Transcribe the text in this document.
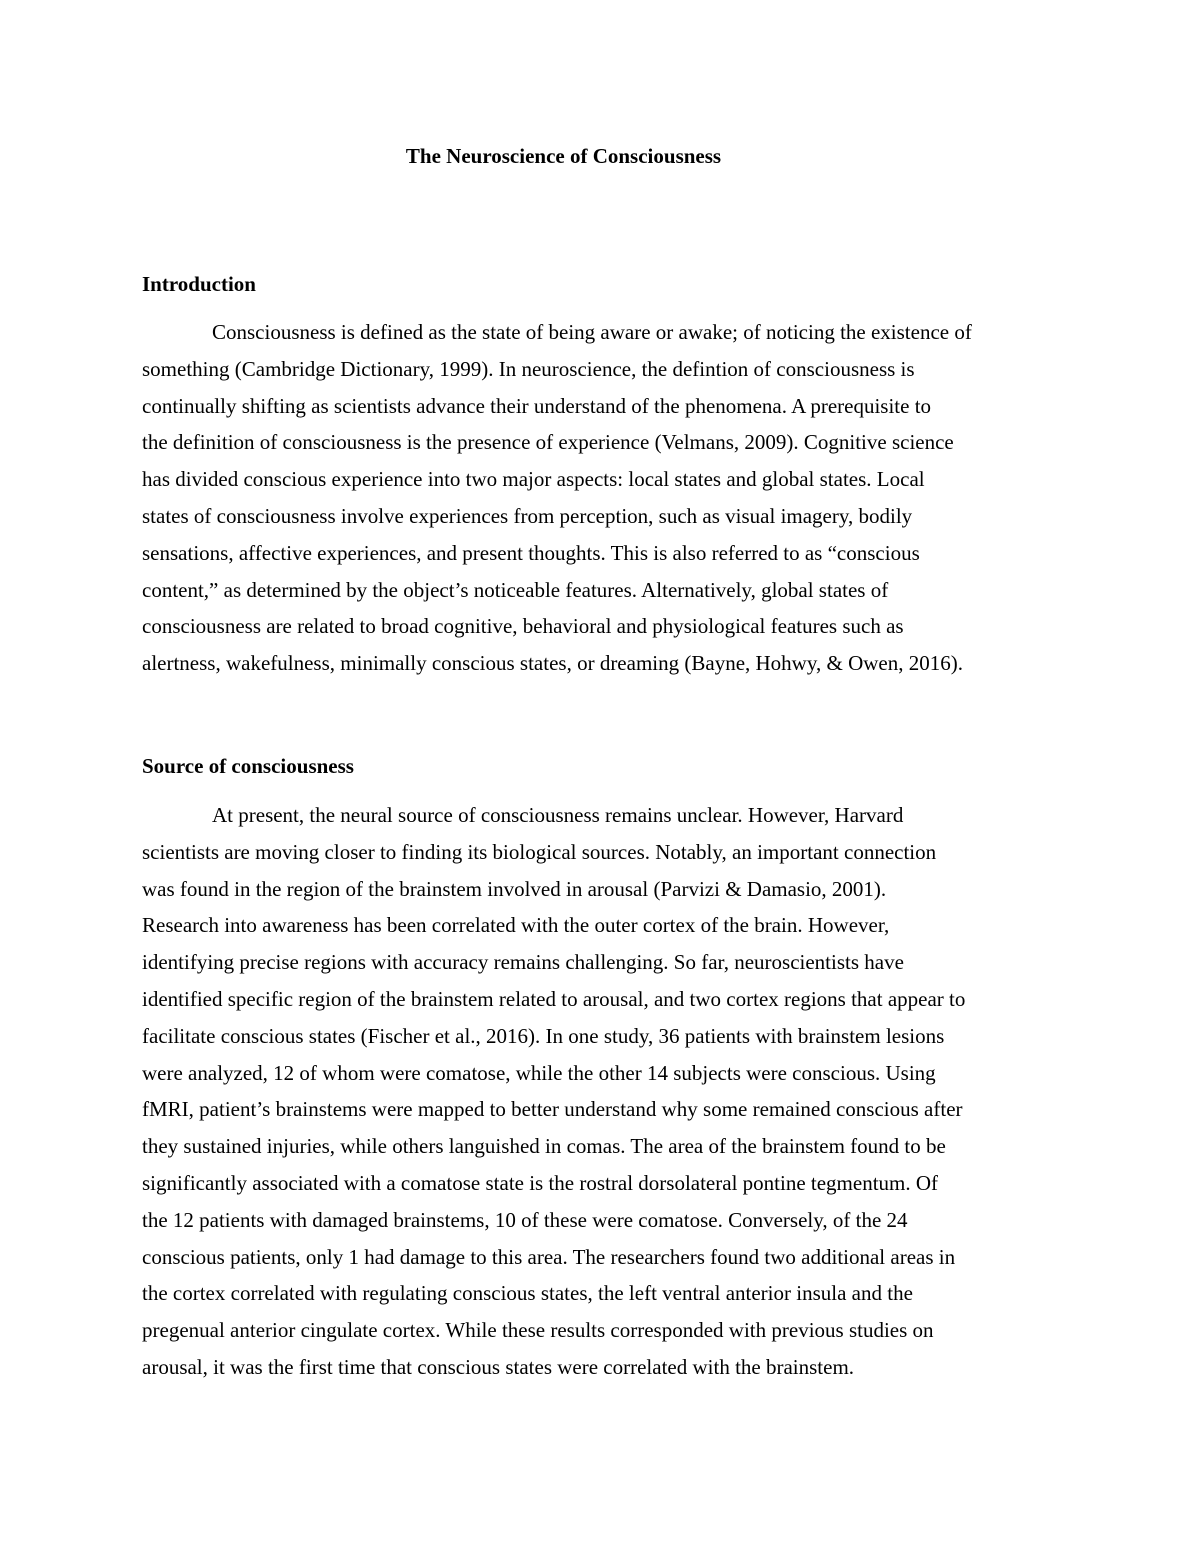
The Neuroscience of Consciousness
Introduction

Consciousness is defined as the state of being aware or awake; of noticing the existence of
something (Cambridge Dictionary, 1999). In neuroscience, the defintion of consciousness is
continually shifting as scientists advance their understand of the phenomena. A prerequisite to
the definition of consciousness is the presence of experience (Velmans, 2009). Cognitive science
has divided conscious experience into two major aspects: local states and global states. Local
states of consciousness involve experiences from perception, such as visual imagery, bodily
sensations, affective experiences, and present thoughts. This is also referred to as “conscious
content,” as determined by the object’s noticeable features. Alternatively, global states of
consciousness are related to broad cognitive, behavioral and physiological features such as
alertness, wakefulness, minimally conscious states, or dreaming (Bayne, Hohwy, & Owen, 2016).

Source of consciousness

At present, the neural source of consciousness remains unclear. However, Harvard
scientists are moving closer to finding its biological sources. Notably, an important connection
was found in the region of the brainstem involved in arousal (Parvizi & Damasio, 2001).
Research into awareness has been correlated with the outer cortex of the brain. However,
identifying precise regions with accuracy remains challenging. So far, neuroscientists have
identified specific region of the brainstem related to arousal, and two cortex regions that appear to
facilitate conscious states (Fischer et al., 2016). In one study, 36 patients with brainstem lesions
were analyzed, 12 of whom were comatose, while the other 14 subjects were conscious. Using
fMRI, patient’s brainstems were mapped to better understand why some remained conscious after
they sustained injuries, while others languished in comas. The area of the brainstem found to be
significantly associated with a comatose state is the rostral dorsolateral pontine tegmentum. Of
the 12 patients with damaged brainstems, 10 of these were comatose. Conversely, of the 24
conscious patients, only 1 had damage to this area. The researchers found two additional areas in
the cortex correlated with regulating conscious states, the left ventral anterior insula and the
pregenual anterior cingulate cortex. While these results corresponded with previous studies on
arousal, it was the first time that conscious states were correlated with the brainstem.
